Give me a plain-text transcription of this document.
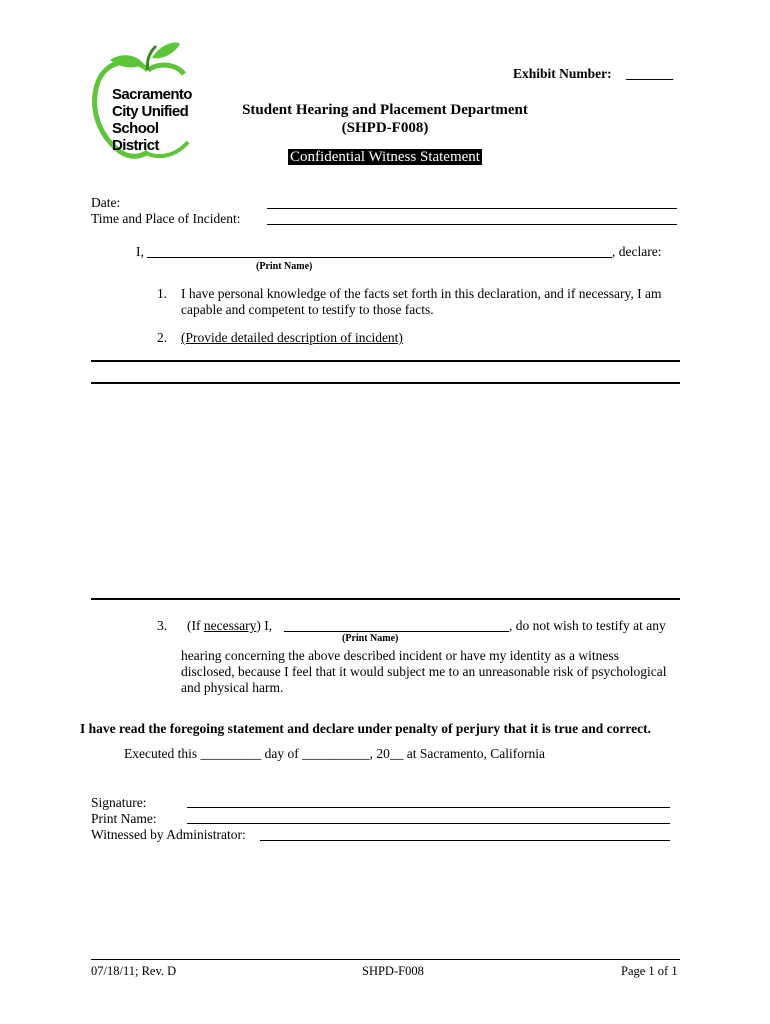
Sacramento
City Unified
School District
Exhibit Number: _______
Student Hearing and Placement Department
(SHPD-F008)
Confidential Witness Statement
Date:
Time and Place of Incident:
I,	, declare:
(Print Name)
1. I have personal knowledge of the facts set forth in this declaration, and if necessary, I am
capable and competent to testify to those facts.
2. (Provide detailed description of incident)
3. (If necessary) I,	, do not wish to testify at any
(Print Name)
hearing concerning the above described incident or have my identity as a witness
disclosed, because I feel that it would subject me to an unreasonable risk of psychological
and physical harm.
I have read the foregoing statement and declare under penalty of perjury that it is true and correct.
Executed this _________ day of __________, 20__ at Sacramento, California
Signature:
Print Name:
Witnessed by Administrator:
07/18/11; Rev. D	SHPD-F008	Page 1 of 1
